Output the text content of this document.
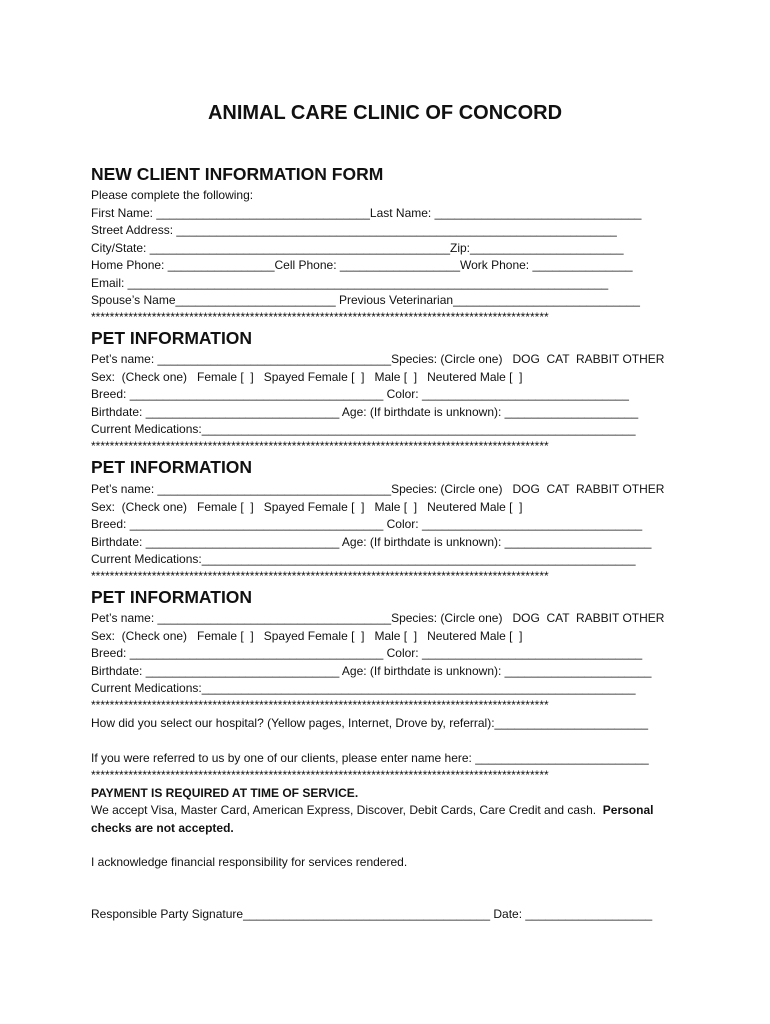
ANIMAL CARE CLINIC OF CONCORD
NEW CLIENT INFORMATION FORM
Please complete the following:
First Name: ________________________________Last Name: _______________________________
Street Address: __________________________________________________________________
City/State: _____________________________________________Zip:_______________________
Home Phone: ________________Cell Phone: __________________Work Phone: _______________
Email: ________________________________________________________________________
Spouse’s Name________________________ Previous Veterinarian____________________________
**************************************************************************************************
PET INFORMATION
Pet’s name: ___________________________________Species: (Circle one)   DOG  CAT  RABBIT OTHER
Sex:  (Check one)   Female [  ]   Spayed Female [  ]   Male [  ]   Neutered Male [  ]
Breed: ______________________________________ Color: _______________________________
Birthdate: _____________________________ Age: (If birthdate is unknown): ____________________
Current Medications:_________________________________________________________________
**************************************************************************************************
PET INFORMATION
Pet’s name: ___________________________________Species: (Circle one)   DOG  CAT  RABBIT OTHER
Sex:  (Check one)   Female [  ]   Spayed Female [  ]   Male [  ]   Neutered Male [  ]
Breed: ______________________________________ Color: _________________________________
Birthdate: _____________________________ Age: (If birthdate is unknown): ______________________
Current Medications:_________________________________________________________________
**************************************************************************************************
PET INFORMATION
Pet’s name: ___________________________________Species: (Circle one)   DOG  CAT  RABBIT OTHER
Sex:  (Check one)   Female [  ]   Spayed Female [  ]   Male [  ]   Neutered Male [  ]
Breed: ______________________________________ Color: _________________________________
Birthdate: _____________________________ Age: (If birthdate is unknown): ______________________
Current Medications:_________________________________________________________________
**************************************************************************************************
How did you select our hospital? (Yellow pages, Internet, Drove by, referral):_______________________
If you were referred to us by one of our clients, please enter name here: __________________________
**************************************************************************************************
PAYMENT IS REQUIRED AT TIME OF SERVICE.
We accept Visa, Master Card, American Express, Discover, Debit Cards, Care Credit and cash. Personal
checks are not accepted.
I acknowledge financial responsibility for services rendered.
Responsible Party Signature_____________________________________ Date: ___________________
